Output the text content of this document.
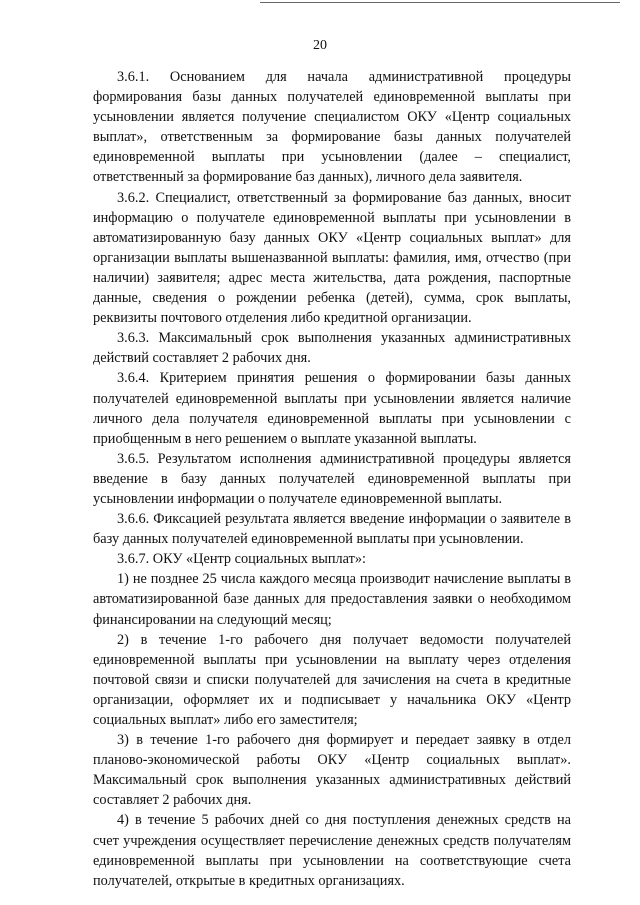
20

3.6.1. Основанием для начала административной процедуры формирования базы данных получателей единовременной выплаты при усыновлении является получение специалистом ОКУ «Центр социальных выплат», ответственным за формирование базы данных получателей единовременной выплаты при усыновлении (далее – специалист, ответственный за формирование баз данных), личного дела заявителя.

3.6.2. Специалист, ответственный за формирование баз данных, вносит информацию о получателе единовременной выплаты при усыновлении в автоматизированную базу данных ОКУ «Центр социальных выплат» для организации выплаты вышеназванной выплаты: фамилия, имя, отчество (при наличии) заявителя; адрес места жительства, дата рождения, паспортные данные, сведения о рождении ребенка (детей), сумма, срок выплаты, реквизиты почтового отделения либо кредитной организации.

3.6.3. Максимальный срок выполнения указанных административных действий составляет 2 рабочих дня.

3.6.4. Критерием принятия решения о формировании базы данных получателей единовременной выплаты при усыновлении является наличие личного дела получателя единовременной выплаты при усыновлении с приобщенным в него решением о выплате указанной выплаты.

3.6.5. Результатом исполнения административной процедуры является введение в базу данных получателей единовременной выплаты при усыновлении информации о получателе единовременной выплаты.

3.6.6. Фиксацией результата является введение информации о заявителе в базу данных получателей единовременной выплаты при усыновлении.

3.6.7. ОКУ «Центр социальных выплат»:

1) не позднее 25 числа каждого месяца производит начисление выплаты в автоматизированной базе данных для предоставления заявки о необходимом финансировании на следующий месяц;

2) в течение 1-го рабочего дня получает ведомости получателей единовременной выплаты при усыновлении на выплату через отделения почтовой связи и списки получателей для зачисления на счета в кредитные организации, оформляет их и подписывает у начальника ОКУ «Центр социальных выплат» либо его заместителя;

3) в течение 1-го рабочего дня формирует и передает заявку в отдел планово-экономической работы ОКУ «Центр социальных выплат». Максимальный срок выполнения указанных административных действий составляет 2 рабочих дня.

4) в течение 5 рабочих дней со дня поступления денежных средств на счет учреждения осуществляет перечисление денежных средств получателям единовременной выплаты при усыновлении на соответствующие счета получателей, открытые в кредитных организациях.
